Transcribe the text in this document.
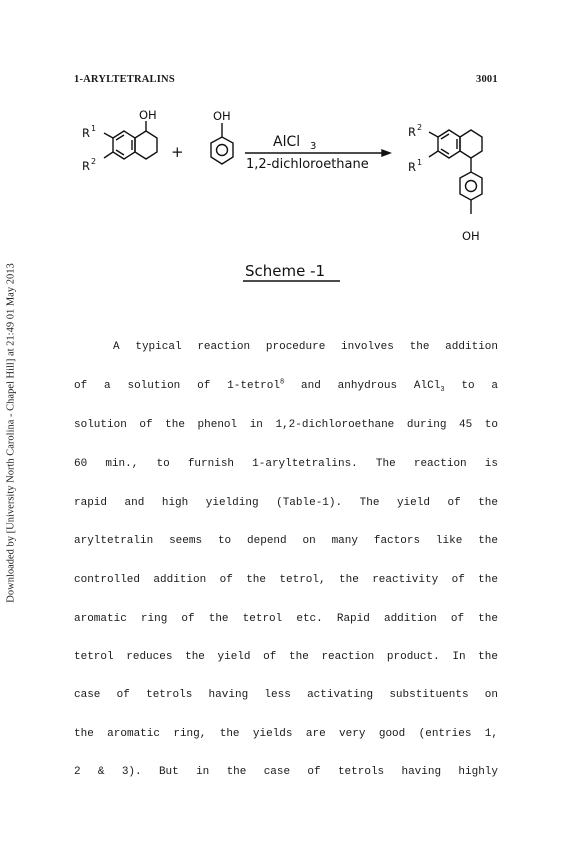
Downloaded by [University North Carolina - Chapel Hill] at 21:49 01 May 2013
1-ARYLTETRALINS	3001
OH
R 1
R 2
+
OH
AlCl 3
1,2-dichloroethane
R 2
R 1
OH
Scheme -1
A typical reaction procedure involves the addition
of a solution of 1-tetrol$^8$ and anhydrous AlCl$_3$ to a
solution of the phenol in 1,2-dichloroethane during 45 to
60 min., to furnish 1-aryltetralins. The reaction is
rapid and high yielding (Table-1). The yield of the
aryltetralin seems to depend on many factors like the
controlled addition of the tetrol, the reactivity of the
aromatic ring of the tetrol etc. Rapid addition of the
tetrol reduces the yield of the reaction product. In the
case of tetrols having less activating substituents on
the aromatic ring, the yields are very good (entries 1,
2 & 3). But in the case of tetrols having highly
